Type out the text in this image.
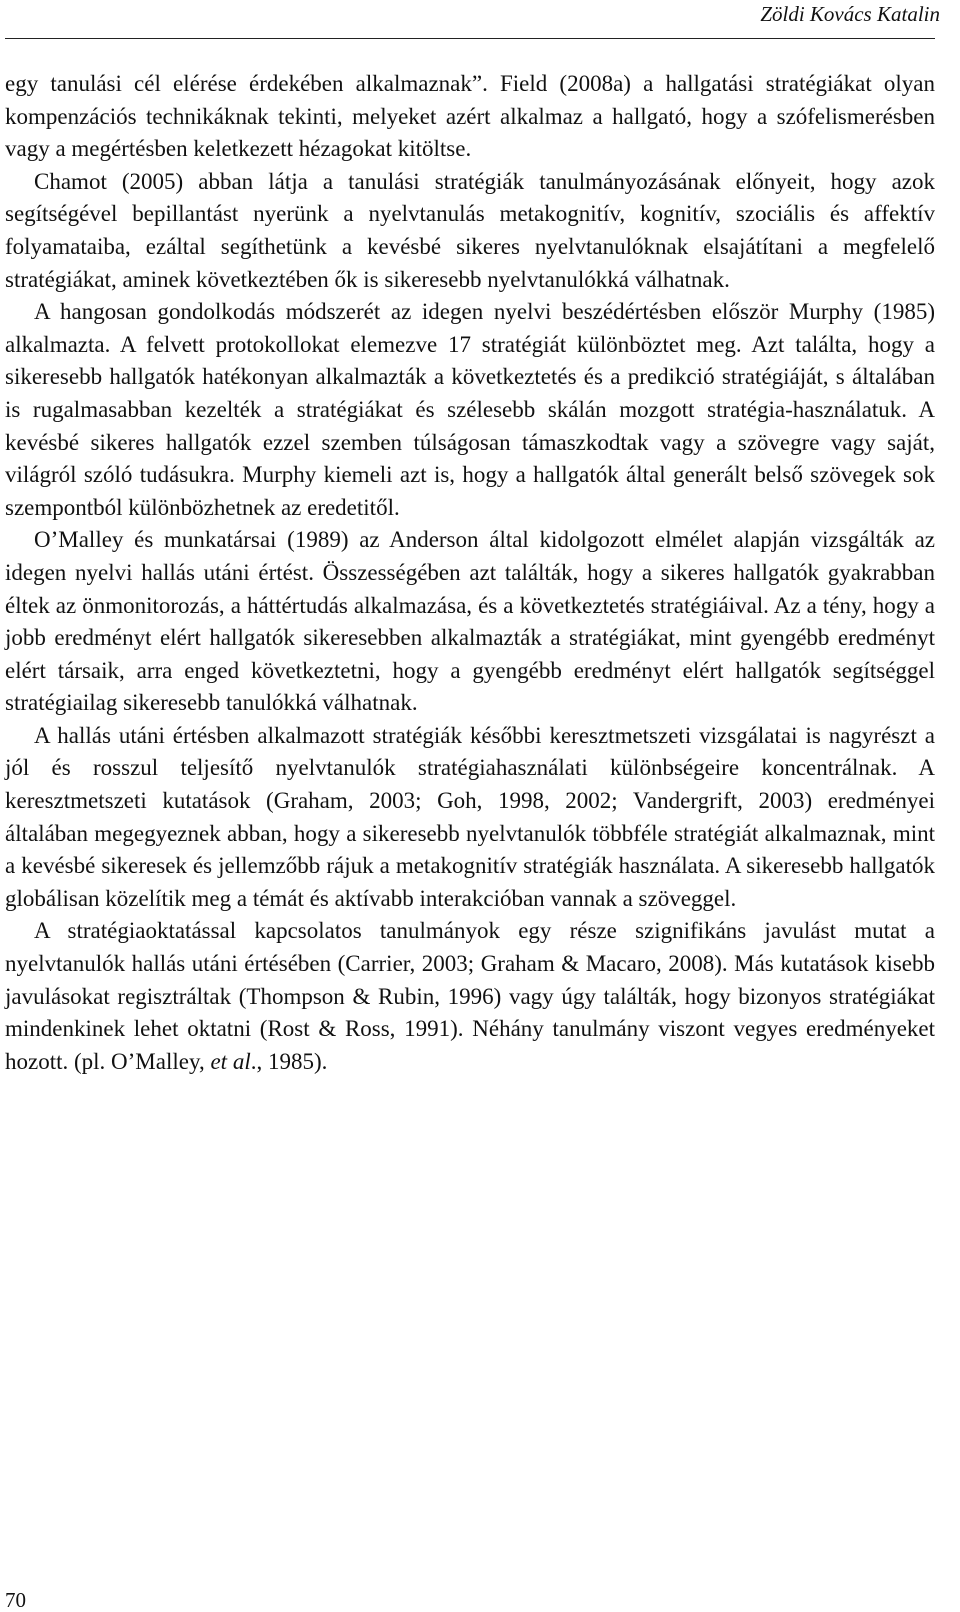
Zöldi Kovács Katalin

egy tanulási cél elérése érdekében alkalmaznak”. Field (2008a) a hallgatási stratégiákat olyan kompenzációs technikáknak tekinti, melyeket azért alkalmaz a hallgató, hogy a szófelismerésben vagy a megértésben keletkezett hézagokat kitöltse.

Chamot (2005) abban látja a tanulási stratégiák tanulmányozásának előnyeit, hogy azok segítségével bepillantást nyerünk a nyelvtanulás metakognitív, kognitív, szociális és affektív folyamataiba, ezáltal segíthetünk a kevésbé sikeres nyelvtanulóknak elsajátítani a megfelelő stratégiákat, aminek következtében ők is sikeresebb nyelvtanulókká válhatnak.

A hangosan gondolkodás módszerét az idegen nyelvi beszédértésben először Murphy (1985) alkalmazta. A felvett protokollokat elemezve 17 stratégiát különböztet meg. Azt találta, hogy a sikeresebb hallgatók hatékonyan alkalmazták a következtetés és a predikció stratégiáját, s általában is rugalmasabban kezelték a stratégiákat és szélesebb skálán mozgott stratégia-használatuk. A kevésbé sikeres hallgatók ezzel szemben túlságosan támaszkodtak vagy a szövegre vagy saját, világról szóló tudásukra. Murphy kiemeli azt is, hogy a hallgatók által generált belső szövegek sok szempontból különbözhetnek az eredetitől.

O’Malley és munkatársai (1989) az Anderson által kidolgozott elmélet alapján vizsgálták az idegen nyelvi hallás utáni értést. Összességében azt találták, hogy a sikeres hallgatók gyakrabban éltek az önmonitorozás, a háttértudás alkalmazása, és a következtetés stratégiáival. Az a tény, hogy a jobb eredményt elért hallgatók sikeresebben alkalmazták a stratégiákat, mint gyengébb eredményt elért társaik, arra enged következtetni, hogy a gyengébb eredményt elért hallgatók segítséggel stratégiailag sikeresebb tanulókká válhatnak.

A hallás utáni értésben alkalmazott stratégiák későbbi keresztmetszeti vizsgálatai is nagyrészt a jól és rosszul teljesítő nyelvtanulók stratégiahasználati különbségeire koncentrálnak. A keresztmetszeti kutatások (Graham, 2003; Goh, 1998, 2002; Vandergrift, 2003) eredményei általában megegyeznek abban, hogy a sikeresebb nyelvtanulók többféle stratégiát alkalmaznak, mint a kevésbé sikeresek és jellemzőbb rájuk a metakognitív stratégiák használata. A sikeresebb hallgatók globálisan közelítik meg a témát és aktívabb interakcióban vannak a szöveggel.

A stratégiaoktatással kapcsolatos tanulmányok egy része szignifikáns javulást mutat a nyelvtanulók hallás utáni értésében (Carrier, 2003; Graham & Macaro, 2008). Más kutatások kisebb javulásokat regisztráltak (Thompson & Rubin, 1996) vagy úgy találták, hogy bizonyos stratégiákat mindenkinek lehet oktatni (Rost & Ross, 1991). Néhány tanulmány viszont vegyes eredményeket hozott. (pl. O’Malley, et al., 1985).

70
